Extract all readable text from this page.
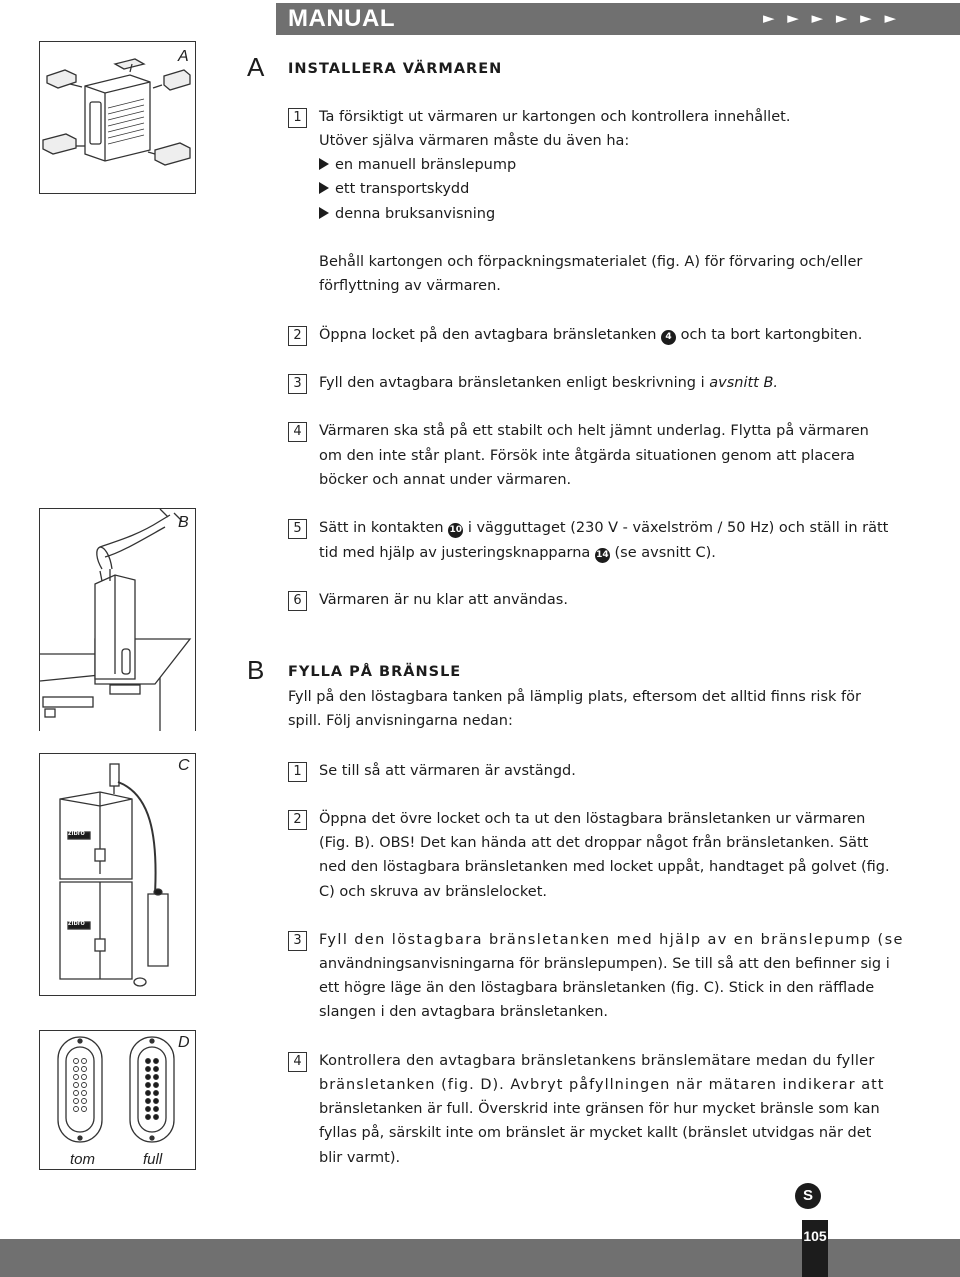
MANUAL	► ► ► ► ► ►
A A INSTALLERA VÄRMAREN
1	Ta försiktigt ut värmaren ur kartongen och kontrollera innehållet.
Utöver själva värmaren måste du även ha:
en manuell bränslepump
ett transportskydd
denna bruksanvisning
Behåll kartongen och förpackningsmaterialet (fig. A) för förvaring och/eller
förflyttning av värmaren.
2	Öppna locket på den avtagbara bränsletanken 4 och ta bort kartongbiten.
3	Fyll den avtagbara bränsletanken enligt beskrivning i avsnitt B.
4	Värmaren ska stå på ett stabilt och helt jämnt underlag. Flytta på värmaren
om den inte står plant. Försök inte åtgärda situationen genom att placera
böcker och annat under värmaren.
5	Sätt in kontakten 10 i vägguttaget (230 V - växelström / 50 Hz) och ställ in rätt
tid med hjälp av justeringsknapparna 14 (se avsnitt C).
6	Värmaren är nu klar att användas.
B
B FYLLA PÅ BRÄNSLE
Fyll på den löstagbara tanken på lämplig plats, eftersom det alltid finns risk för
spill. Följ anvisningarna nedan:
C
zibro
zibro
1	Se till så att värmaren är avstängd.
2	Öppna det övre locket och ta ut den löstagbara bränsletanken ur värmaren
(Fig. B). OBS! Det kan hända att det droppar något från bränsletanken. Sätt
ned den löstagbara bränsletanken med locket uppåt, handtaget på golvet (fig.
C) och skruva av bränslelocket.
3	Fyll den löstagbara bränsletanken med hjälp av en bränslepump (se
användningsanvisningarna för bränslepumpen). Se till så att den befinner sig i
ett högre läge än den löstagbara bränsletanken (fig. C). Stick in den räfflade
slangen i den avtagbara bränsletanken.
4	Kontrollera den avtagbara bränsletankens bränslemätare medan du fyller
bränsletanken (fig. D). Avbryt påfyllningen när mätaren indikerar att
bränsletanken är full. Överskrid inte gränsen för hur mycket bränsle som kan
fyllas på, särskilt inte om bränslet är mycket kallt (bränslet utvidgas när det
blir varmt).
D
tom	full
S
105
